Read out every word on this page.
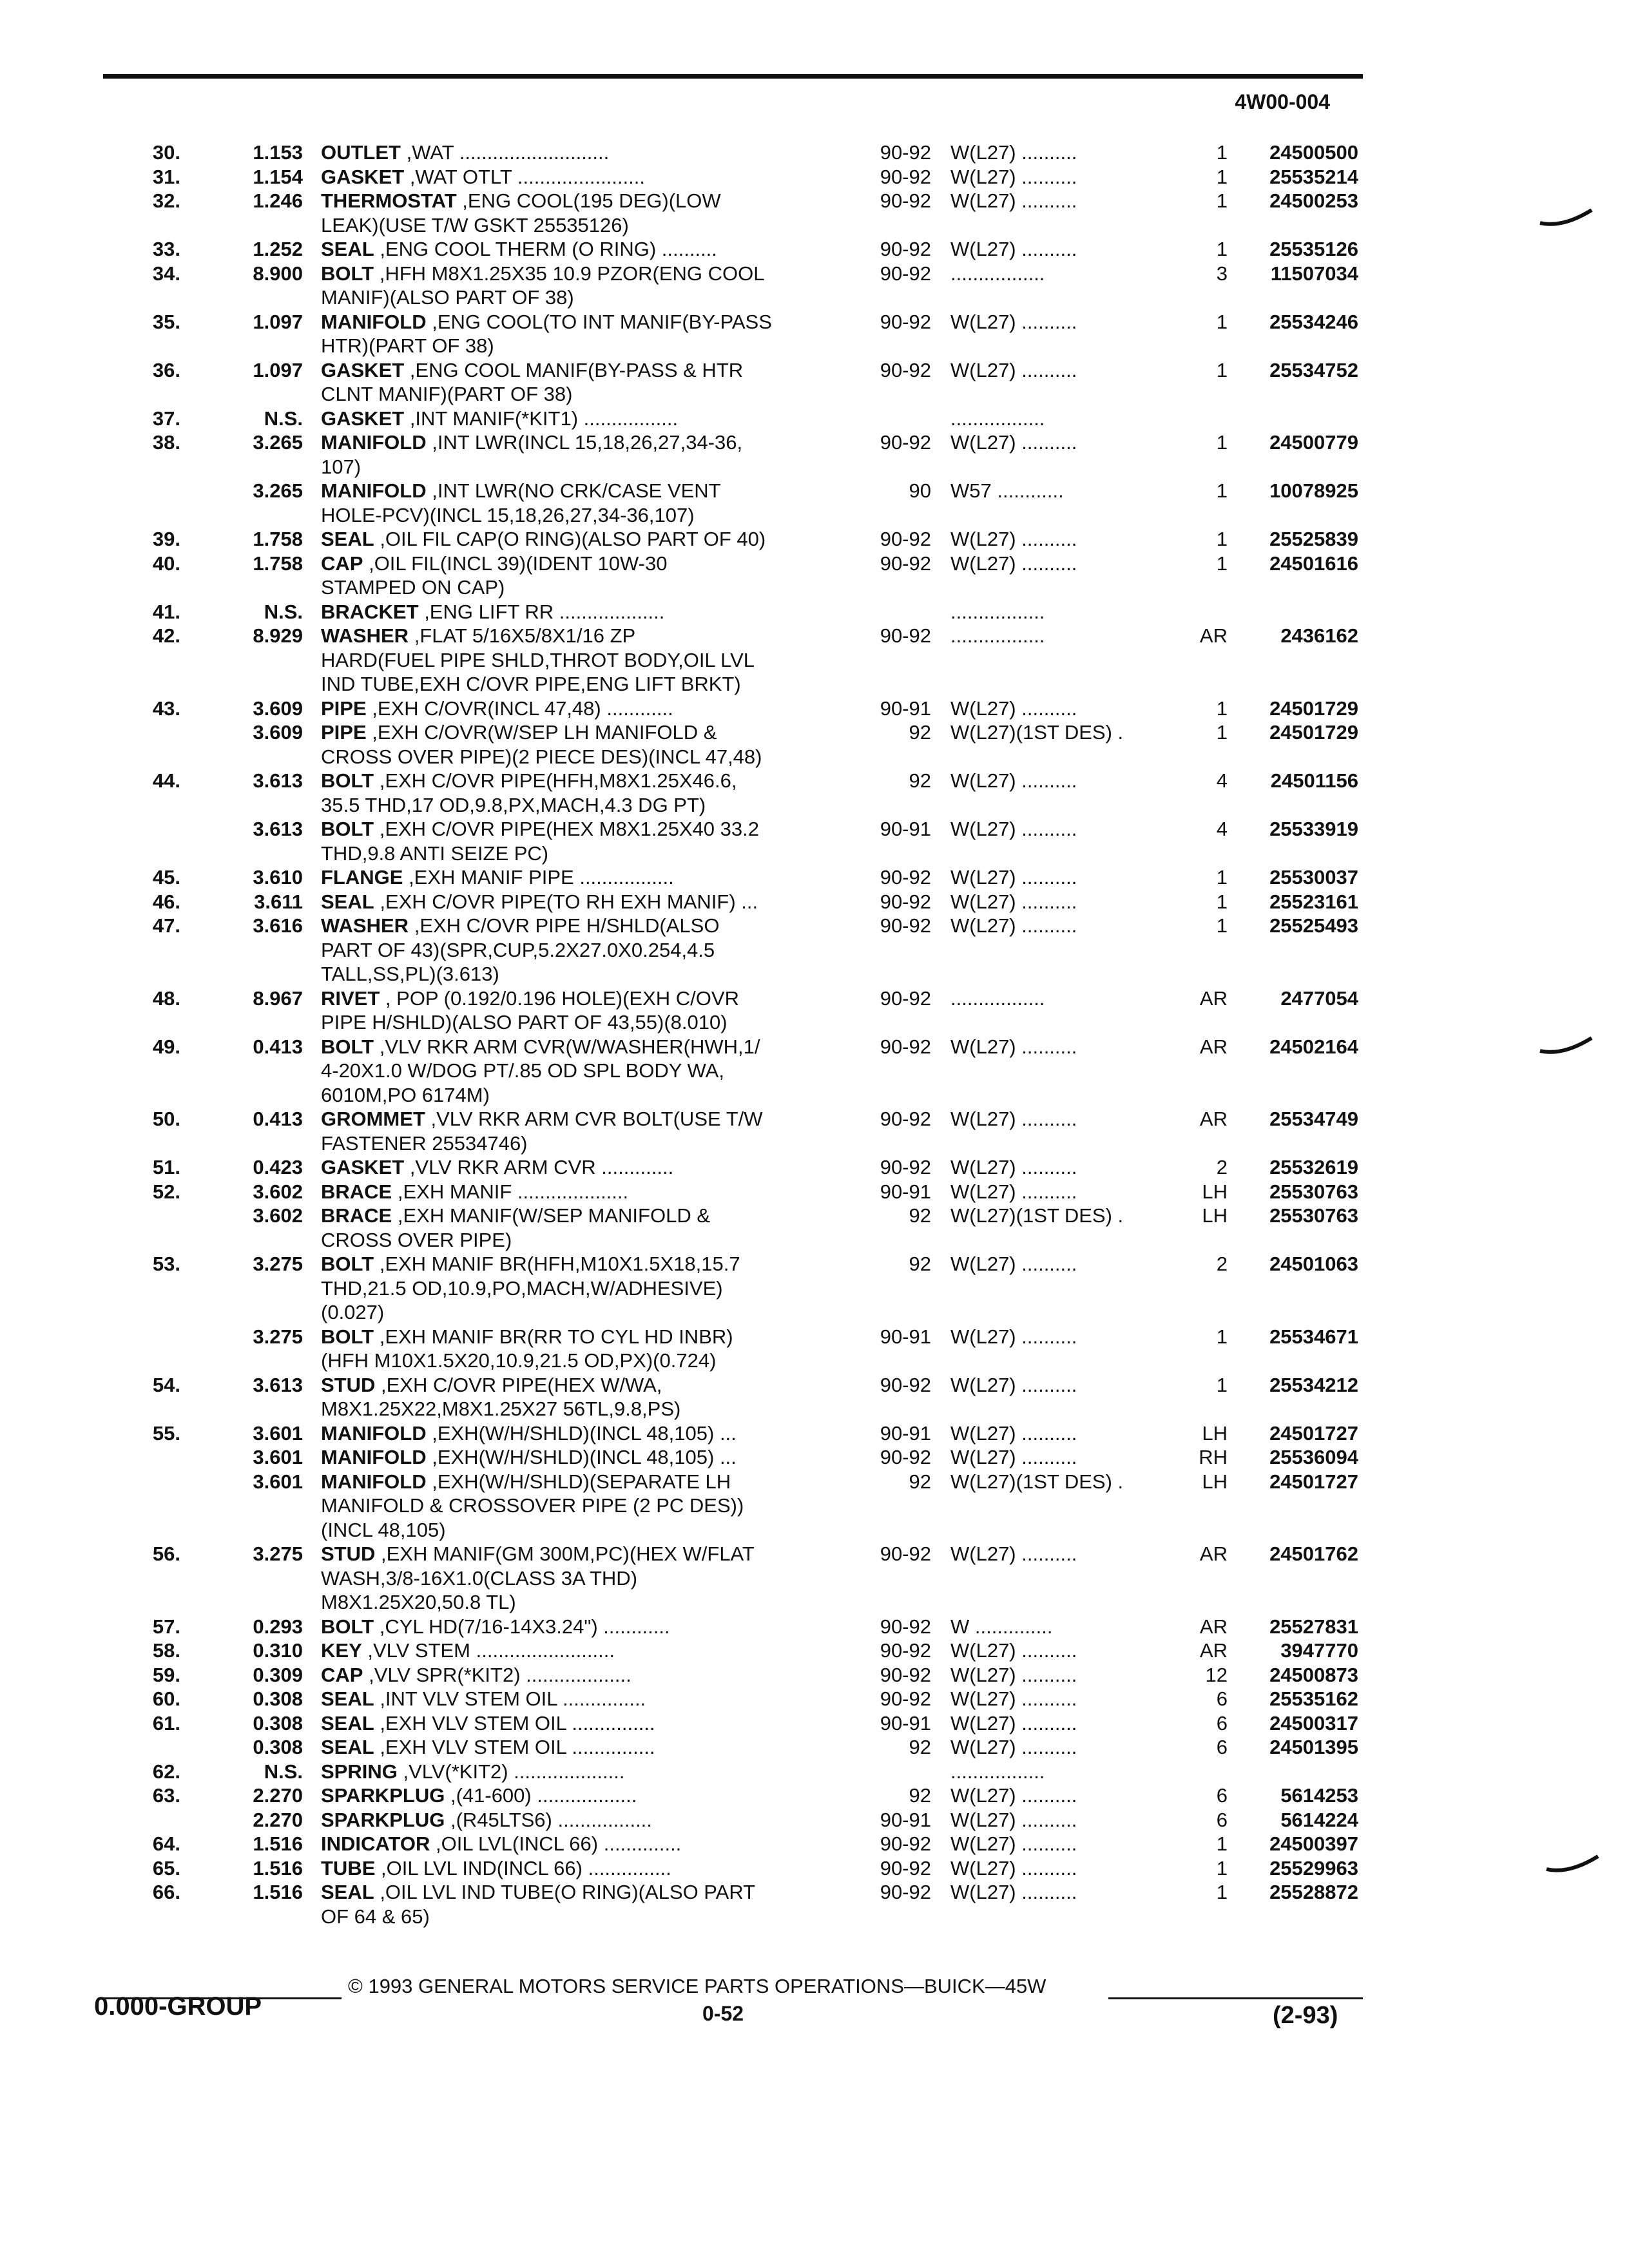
4W00-004
30.	1.153 OUTLET ,WAT ...........................	90-92 W(L27) ..........	1	24500500
31.	1.154 GASKET ,WAT OTLT .......................	90-92 W(L27) ..........	1	25535214
32.	1.246 THERMOSTAT ,ENG COOL(195 DEG)(LOW	90-92 W(L27) ..........	1	24500253
LEAK)(USE T/W GSKT 25535126)
33.	1.252 SEAL ,ENG COOL THERM (O RING) ..........	90-92 W(L27) ..........	1	25535126
34.	8.900 BOLT ,HFH M8X1.25X35 10.9 PZOR(ENG COOL	90-92 .................	3	11507034
MANIF)(ALSO PART OF 38)
35.	1.097 MANIFOLD ,ENG COOL(TO INT MANIF(BY-PASS	90-92 W(L27) ..........	1	25534246
HTR)(PART OF 38)
36.	1.097 GASKET ,ENG COOL MANIF(BY-PASS & HTR	90-92 W(L27) ..........	1	25534752
CLNT MANIF)(PART OF 38)
37.	N.S. GASKET ,INT MANIF(*KIT1) .................	.................
38.	3.265 MANIFOLD ,INT LWR(INCL 15,18,26,27,34-36,	90-92 W(L27) ..........	1	24500779
107)
3.265 MANIFOLD ,INT LWR(NO CRK/CASE VENT	90 W57 ............	1	10078925
HOLE-PCV)(INCL 15,18,26,27,34-36,107)
39.	1.758 SEAL ,OIL FIL CAP(O RING)(ALSO PART OF 40)	90-92 W(L27) ..........	1	25525839
40.	1.758 CAP ,OIL FIL(INCL 39)(IDENT 10W-30	90-92 W(L27) ..........	1	24501616
STAMPED ON CAP)
41.	N.S. BRACKET ,ENG LIFT RR ...................	.................
42.	8.929 WASHER ,FLAT 5/16X5/8X1/16 ZP	90-92 .................	AR	2436162
HARD(FUEL PIPE SHLD,THROT BODY,OIL LVL
IND TUBE,EXH C/OVR PIPE,ENG LIFT BRKT)
43.	3.609 PIPE ,EXH C/OVR(INCL 47,48) ............	90-91 W(L27) ..........	1	24501729
3.609 PIPE ,EXH C/OVR(W/SEP LH MANIFOLD &	92 W(L27)(1ST DES) .	1	24501729
CROSS OVER PIPE)(2 PIECE DES)(INCL 47,48)
44.	3.613 BOLT ,EXH C/OVR PIPE(HFH,M8X1.25X46.6,	92 W(L27) ..........	4	24501156
35.5 THD,17 OD,9.8,PX,MACH,4.3 DG PT)
3.613 BOLT ,EXH C/OVR PIPE(HEX M8X1.25X40 33.2	90-91 W(L27) ..........	4	25533919
THD,9.8 ANTI SEIZE PC)
45.	3.610 FLANGE ,EXH MANIF PIPE .................	90-92 W(L27) ..........	1	25530037
46.	3.611 SEAL ,EXH C/OVR PIPE(TO RH EXH MANIF) ...	90-92 W(L27) ..........	1	25523161
47.	3.616 WASHER ,EXH C/OVR PIPE H/SHLD(ALSO	90-92 W(L27) ..........	1	25525493
PART OF 43)(SPR,CUP,5.2X27.0X0.254,4.5
TALL,SS,PL)(3.613)
48.	8.967 RIVET , POP (0.192/0.196 HOLE)(EXH C/OVR	90-92 .................	AR	2477054
PIPE H/SHLD)(ALSO PART OF 43,55)(8.010)
49.	0.413 BOLT ,VLV RKR ARM CVR(W/WASHER(HWH,1/	90-92 W(L27) ..........	AR	24502164
4-20X1.0 W/DOG PT/.85 OD SPL BODY WA,
6010M,PO 6174M)
50.	0.413 GROMMET ,VLV RKR ARM CVR BOLT(USE T/W	90-92 W(L27) ..........	AR	25534749
FASTENER 25534746)
51.	0.423 GASKET ,VLV RKR ARM CVR .............	90-92 W(L27) ..........	2	25532619
52.	3.602 BRACE ,EXH MANIF ....................	90-91 W(L27) ..........	LH	25530763
3.602 BRACE ,EXH MANIF(W/SEP MANIFOLD &	92 W(L27)(1ST DES) .	LH	25530763
CROSS OVER PIPE)
53.	3.275 BOLT ,EXH MANIF BR(HFH,M10X1.5X18,15.7	92 W(L27) ..........	2	24501063
THD,21.5 OD,10.9,PO,MACH,W/ADHESIVE)
(0.027)
3.275 BOLT ,EXH MANIF BR(RR TO CYL HD INBR)	90-91 W(L27) ..........	1	25534671
(HFH M10X1.5X20,10.9,21.5 OD,PX)(0.724)
54.	3.613 STUD ,EXH C/OVR PIPE(HEX W/WA,	90-92 W(L27) ..........	1	25534212
M8X1.25X22,M8X1.25X27 56TL,9.8,PS)
55.	3.601 MANIFOLD ,EXH(W/H/SHLD)(INCL 48,105) ...	90-91 W(L27) ..........	LH	24501727
3.601 MANIFOLD ,EXH(W/H/SHLD)(INCL 48,105) ...	90-92 W(L27) ..........	RH	25536094
3.601 MANIFOLD ,EXH(W/H/SHLD)(SEPARATE LH	92 W(L27)(1ST DES) .	LH	24501727
MANIFOLD & CROSSOVER PIPE (2 PC DES))
(INCL 48,105)
56.	3.275 STUD ,EXH MANIF(GM 300M,PC)(HEX W/FLAT	90-92 W(L27) ..........	AR	24501762
WASH,3/8-16X1.0(CLASS 3A THD)
M8X1.25X20,50.8 TL)
57.	0.293 BOLT ,CYL HD(7/16-14X3.24") ............	90-92 W ..............	AR	25527831
58.	0.310 KEY ,VLV STEM .........................	90-92 W(L27) ..........	AR	3947770
59.	0.309 CAP ,VLV SPR(*KIT2) ...................	90-92 W(L27) ..........	12	24500873
60.	0.308 SEAL ,INT VLV STEM OIL ...............	90-92 W(L27) ..........	6	25535162
61.	0.308 SEAL ,EXH VLV STEM OIL ...............	90-91 W(L27) ..........	6	24500317
0.308 SEAL ,EXH VLV STEM OIL ...............	92 W(L27) ..........	6	24501395
62.	N.S. SPRING ,VLV(*KIT2) ....................	.................
63.	2.270 SPARKPLUG ,(41-600) ..................	92 W(L27) ..........	6	5614253
2.270 SPARKPLUG ,(R45LTS6) .................	90-91 W(L27) ..........	6	5614224
64.	1.516 INDICATOR ,OIL LVL(INCL 66) ..............	90-92 W(L27) ..........	1	24500397
65.	1.516 TUBE ,OIL LVL IND(INCL 66) ...............	90-92 W(L27) ..........	1	25529963
66.	1.516 SEAL ,OIL LVL IND TUBE(O RING)(ALSO PART	90-92 W(L27) ..........	1	25528872
OF 64 & 65)
0.000-GROUP
© 1993 GENERAL MOTORS SERVICE PARTS OPERATIONS—BUICK—45W
0-52	(2-93)
